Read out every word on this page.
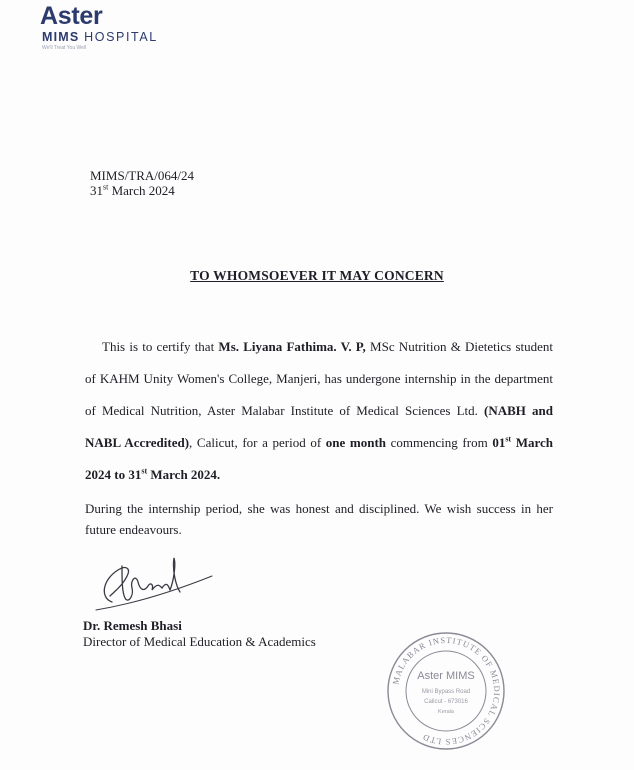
Aster
MIMS HOSPITAL
We'll Treat You Well
MIMS/TRA/064/24
31st March 2024
TO WHOMSOEVER IT MAY CONCERN
This is to certify that Ms. Liyana Fathima. V. P, MSc Nutrition & Dietetics student of KAHM Unity Women's College, Manjeri, has undergone internship in the department of Medical Nutrition, Aster Malabar Institute of Medical Sciences Ltd. (NABH and NABL Accredited), Calicut, for a period of one month commencing from 01st March 2024 to 31st March 2024.
During the internship period, she was honest and disciplined. We wish success in her future endeavours.
Dr. Remesh Bhasi
Director of Medical Education & Academics
MALABAR INSTITUTE OF MEDICAL SCIENCES LTD
Aster MIMS
Mini Bypass Road
Calicut - 673016
Kerala
